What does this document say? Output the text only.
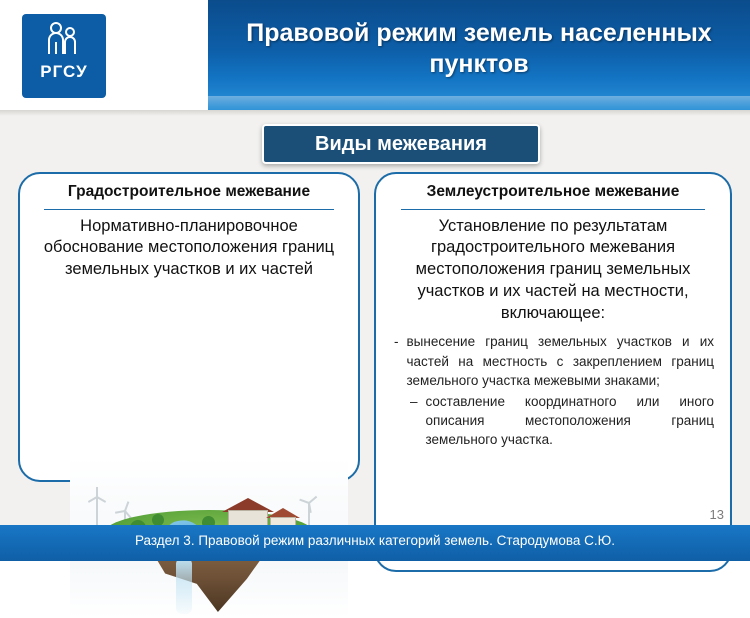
РГСУ
Правовой режим земель населенных пунктов
Виды межевания
Градостроительное межевание
Нормативно-планировочное обоснование местоположения границ земельных участков и их частей
Землеустроительное межевание
Установление по результатам градостроительного межевания местоположения границ земельных участков и их частей на местности, включающее:
- вынесение границ земельных участков и их частей на местность с закреплением границ земельного участка межевыми знаками;
– составление координатного или иного описания местоположения границ земельного участка.
Раздел 3. Правовой режим различных категорий земель. Стародумова С.Ю.
13
